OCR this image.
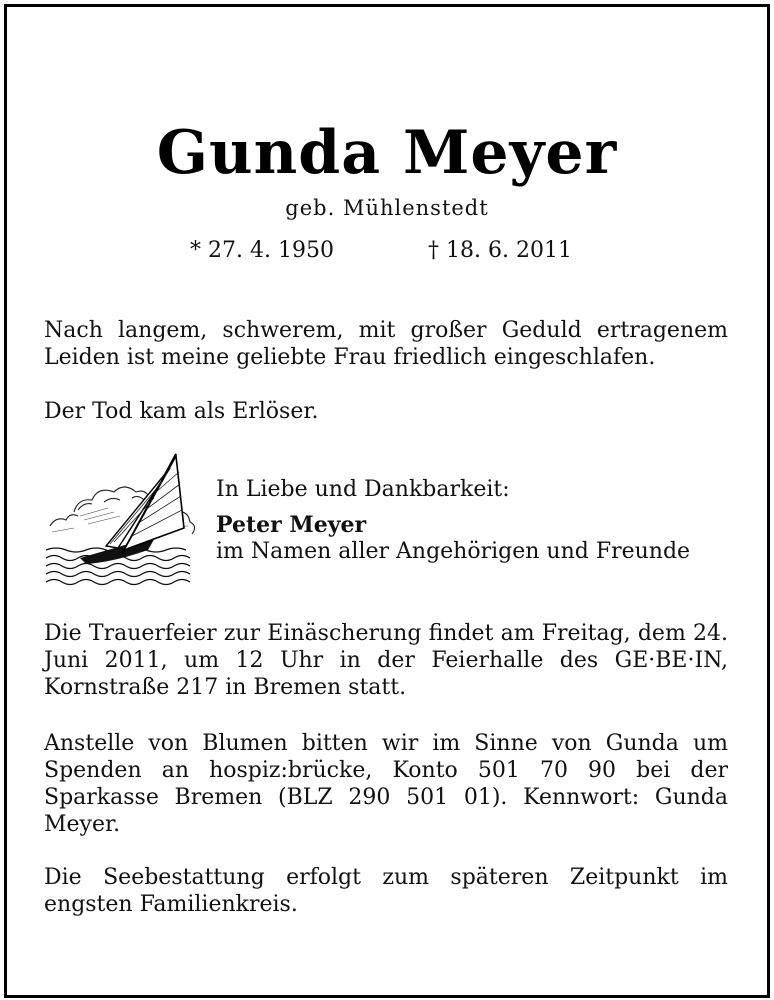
Gunda Meyer
geb. Mühlenstedt
* 27. 4. 1950	† 18. 6. 2011
Nach langem, schwerem, mit großer Geduld ertragenem Leiden ist meine geliebte Frau friedlich eingeschlafen.
Der Tod kam als Erlöser.
In Liebe und Dankbarkeit:
Peter Meyer
im Namen aller Angehörigen und Freunde
Die Trauerfeier zur Einäscherung findet am Freitag, dem 24. Juni 2011, um 12 Uhr in der Feierhalle des GE·BE·IN, Kornstraße 217 in Bremen statt.
Anstelle von Blumen bitten wir im Sinne von Gunda um Spenden an hospiz:brücke, Konto 501 70 90 bei der Sparkasse Bremen (BLZ 290 501 01). Kennwort: Gunda Meyer.
Die Seebestattung erfolgt zum späteren Zeitpunkt im engsten Familienkreis.
